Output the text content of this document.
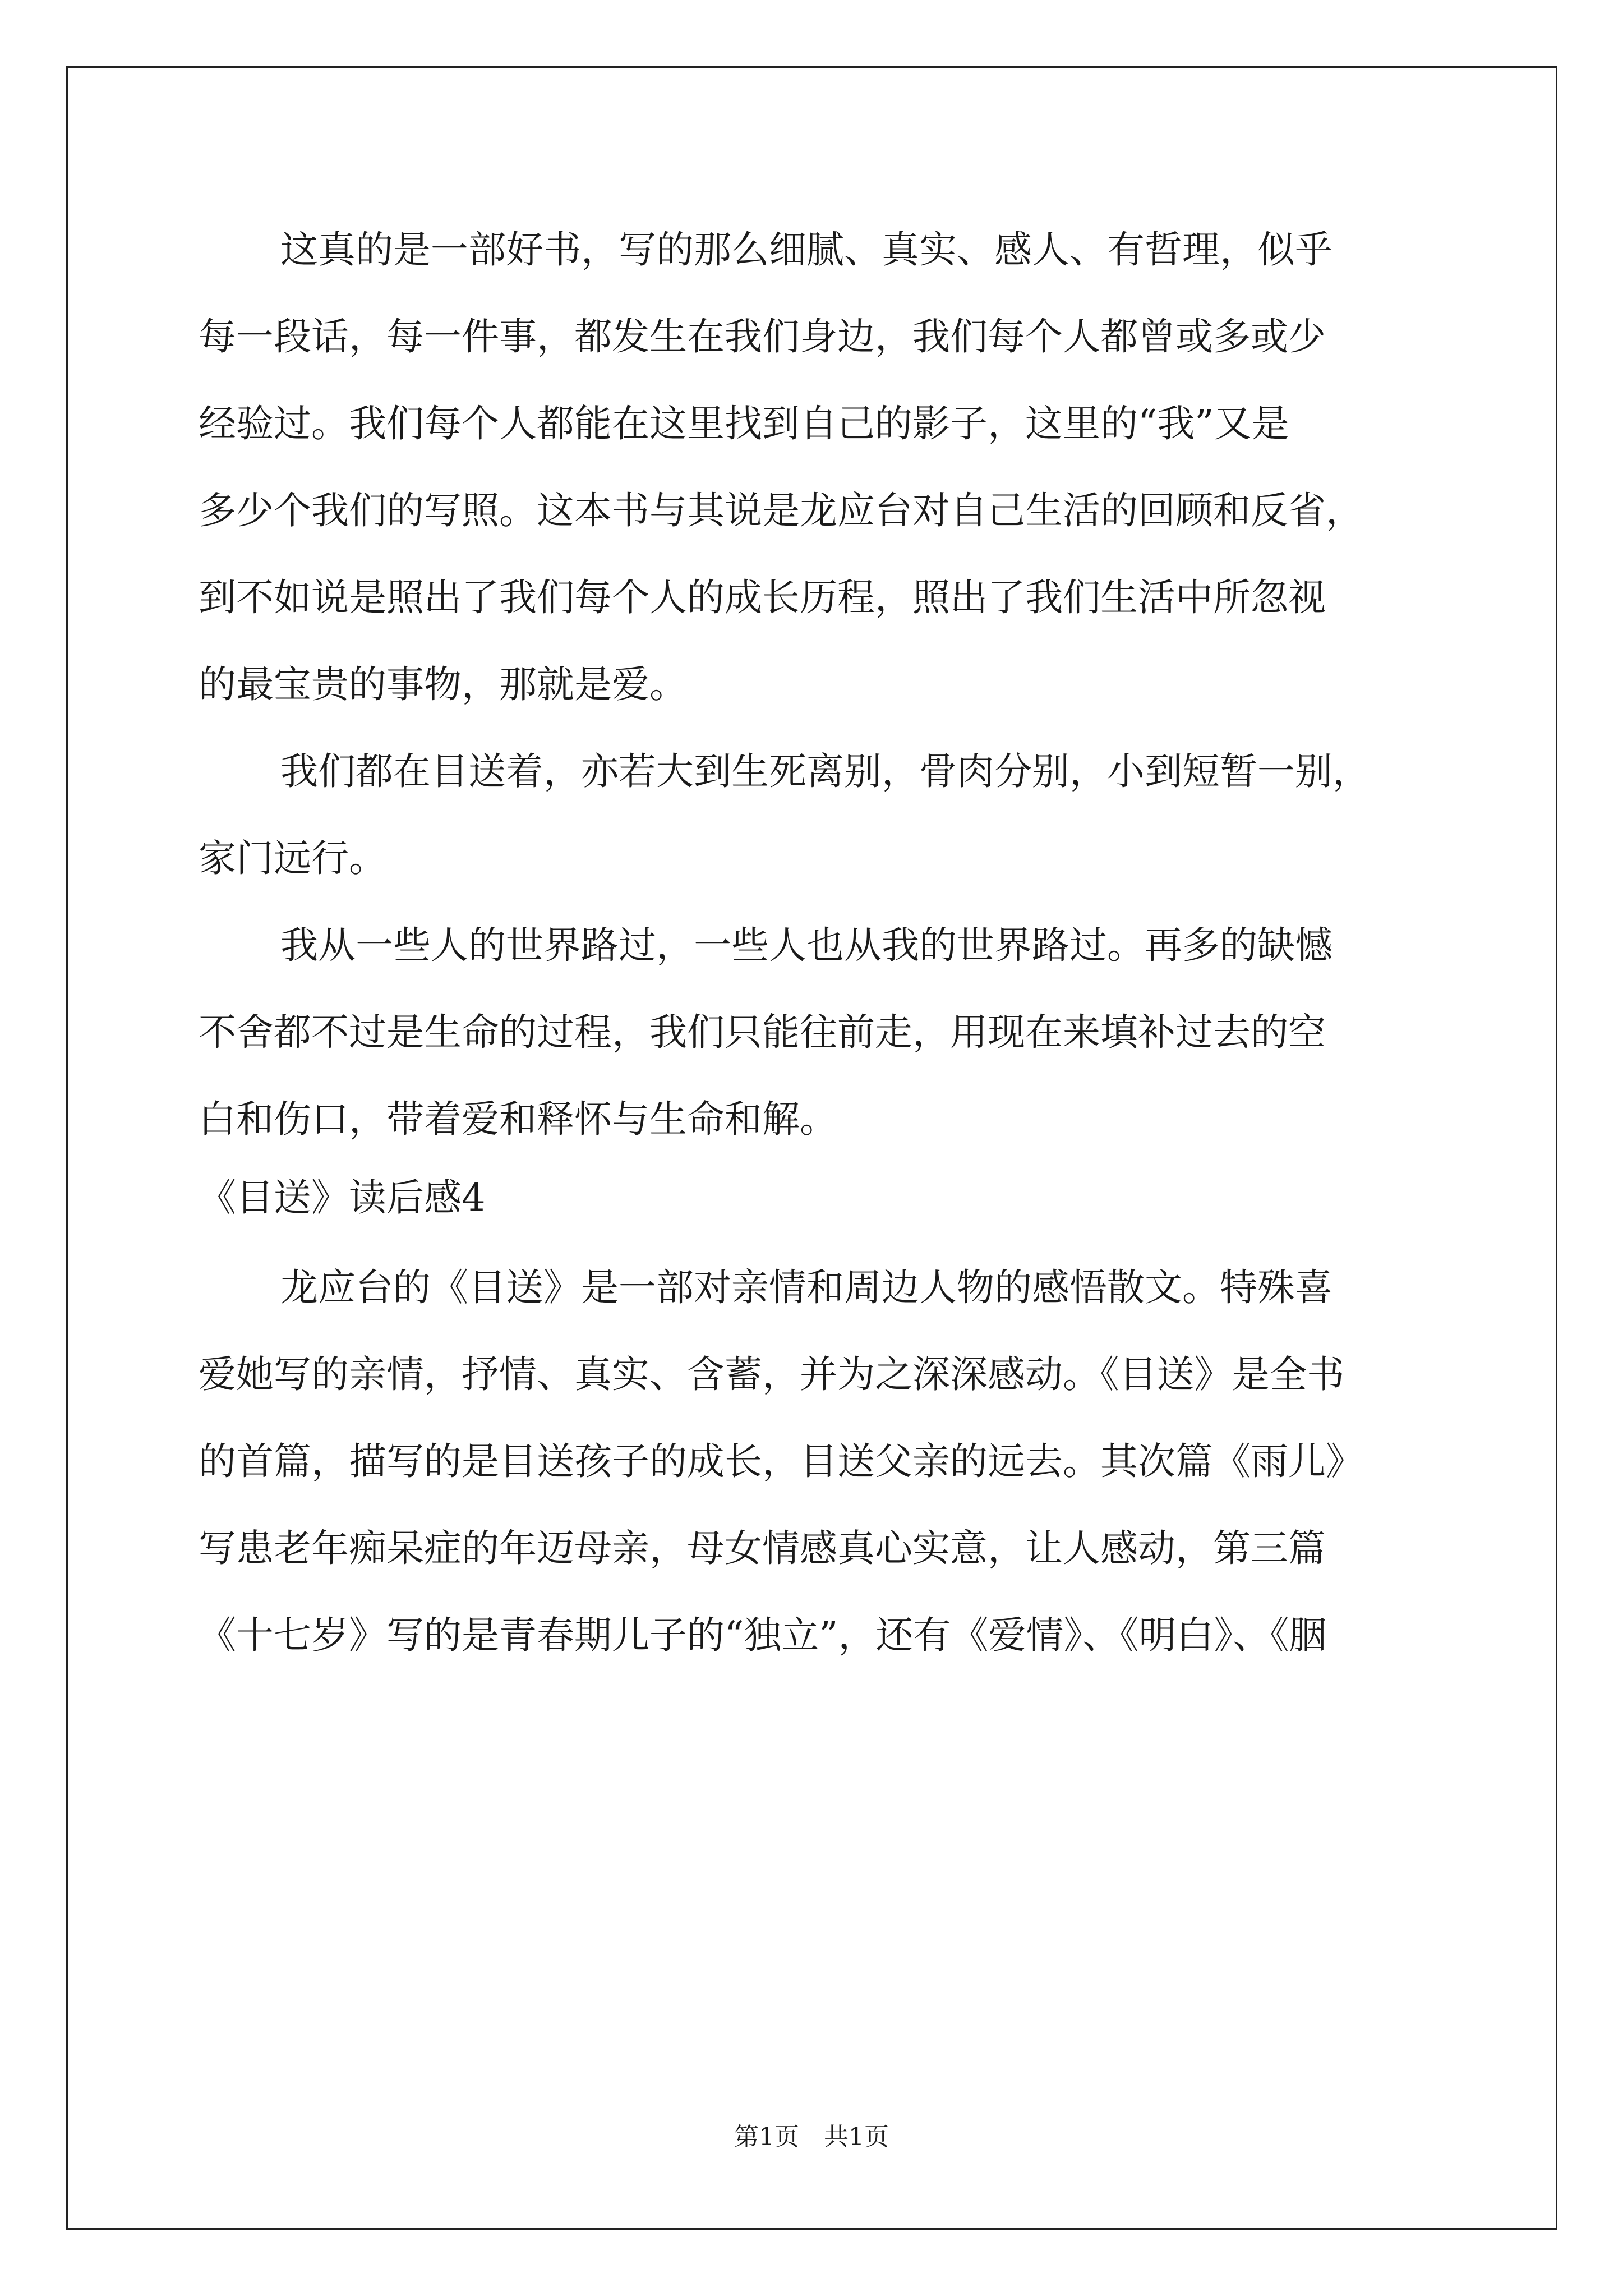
这真的是一部好书，写的那么细腻、真实、感人、有哲理，似乎
每一段话，每一件事，都发生在我们身边，我们每个人都曾或多或少
经验过。我们每个人都能在这里找到自己的影子，这里的“我”又是
多少个我们的写照。这本书与其说是龙应台对自己生活的回顾和反省，
到不如说是照出了我们每个人的成长历程，照出了我们生活中所忽视
的最宝贵的事物，那就是爱。
我们都在目送着，亦若大到生死离别，骨肉分别，小到短暂一别，
家门远行。
我从一些人的世界路过，一些人也从我的世界路过。再多的缺憾
不舍都不过是生命的过程，我们只能往前走，用现在来填补过去的空
白和伤口，带着爱和释怀与生命和解。
《目送》读后感4
龙应台的《目送》是一部对亲情和周边人物的感悟散文。特殊喜
爱她写的亲情，抒情、真实、含蓄，并为之深深感动。《目送》是全书
的首篇，描写的是目送孩子的成长，目送父亲的远去。其次篇《雨儿》
写患老年痴呆症的年迈母亲，母女情感真心实意，让人感动，第三篇
《十七岁》写的是青春期儿子的“独立”，还有《爱情》、《明白》、《胭
第1页　共1页
